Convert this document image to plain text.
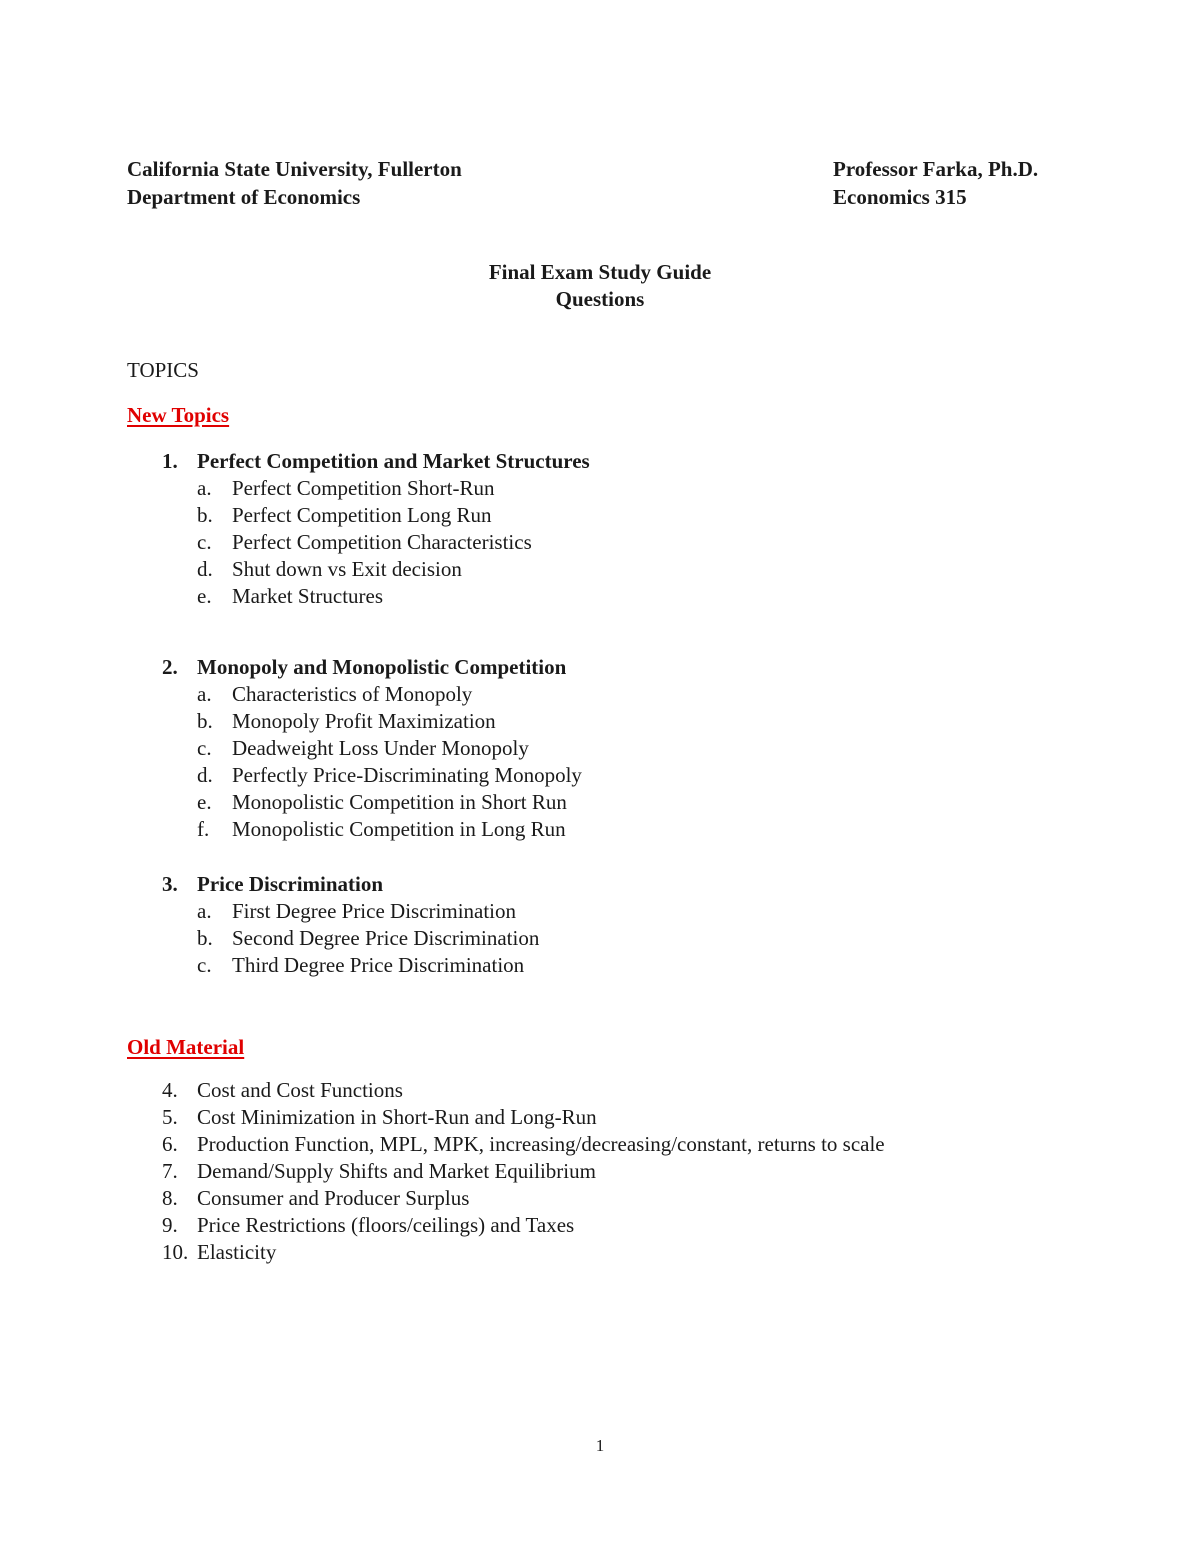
California State University, Fullerton
Department of Economics
Professor Farka, Ph.D.
Economics 315
Final Exam Study Guide
Questions
TOPICS
New Topics
1. Perfect Competition and Market Structures
a. Perfect Competition Short-Run
b. Perfect Competition Long Run
c. Perfect Competition Characteristics
d. Shut down vs Exit decision
e. Market Structures
2. Monopoly and Monopolistic Competition
a. Characteristics of Monopoly
b. Monopoly Profit Maximization
c. Deadweight Loss Under Monopoly
d. Perfectly Price-Discriminating Monopoly
e. Monopolistic Competition in Short Run
f.	Monopolistic Competition in Long Run
3. Price Discrimination
a. First Degree Price Discrimination
b. Second Degree Price Discrimination
c. Third Degree Price Discrimination
Old Material
4. Cost and Cost Functions
5. Cost Minimization in Short-Run and Long-Run
6. Production Function, MPL, MPK, increasing/decreasing/constant, returns to scale
7. Demand/Supply Shifts and Market Equilibrium
8. Consumer and Producer Surplus
9. Price Restrictions (floors/ceilings) and Taxes
10. Elasticity
1
